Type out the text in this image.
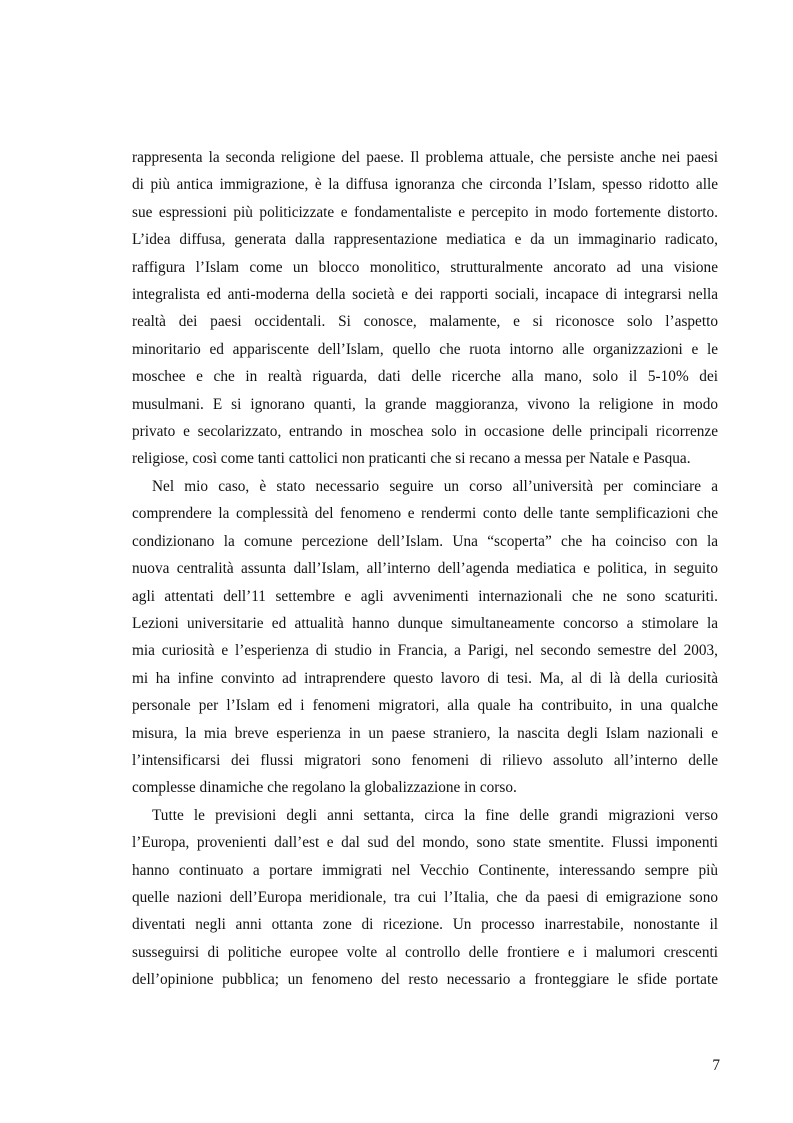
rappresenta la seconda religione del paese. Il problema attuale, che persiste anche nei paesi
di più antica immigrazione, è la diffusa ignoranza che circonda l’Islam, spesso ridotto alle
sue espressioni più politicizzate e fondamentaliste e percepito in modo fortemente distorto.
L’idea diffusa, generata dalla rappresentazione mediatica e da un immaginario radicato,
raffigura l’Islam come un blocco monolitico, strutturalmente ancorato ad una visione
integralista ed anti-moderna della società e dei rapporti sociali, incapace di integrarsi nella
realtà dei paesi occidentali. Si conosce, malamente, e si riconosce solo l’aspetto
minoritario ed appariscente dell’Islam, quello che ruota intorno alle organizzazioni e le
moschee e che in realtà riguarda, dati delle ricerche alla mano, solo il 5-10% dei
musulmani. E si ignorano quanti, la grande maggioranza, vivono la religione in modo
privato e secolarizzato, entrando in moschea solo in occasione delle principali ricorrenze
religiose, così come tanti cattolici non praticanti che si recano a messa per Natale e Pasqua.

Nel mio caso, è stato necessario seguire un corso all’università per cominciare a
comprendere la complessità del fenomeno e rendermi conto delle tante semplificazioni che
condizionano la comune percezione dell’Islam. Una “scoperta” che ha coinciso con la
nuova centralità assunta dall’Islam, all’interno dell’agenda mediatica e politica, in seguito
agli attentati dell’11 settembre e agli avvenimenti internazionali che ne sono scaturiti.
Lezioni universitarie ed attualità hanno dunque simultaneamente concorso a stimolare la
mia curiosità e l’esperienza di studio in Francia, a Parigi, nel secondo semestre del 2003,
mi ha infine convinto ad intraprendere questo lavoro di tesi. Ma, al di là della curiosità
personale per l’Islam ed i fenomeni migratori, alla quale ha contribuito, in una qualche
misura, la mia breve esperienza in un paese straniero, la nascita degli Islam nazionali e
l’intensificarsi dei flussi migratori sono fenomeni di rilievo assoluto all’interno delle
complesse dinamiche che regolano la globalizzazione in corso.

Tutte le previsioni degli anni settanta, circa la fine delle grandi migrazioni verso
l’Europa, provenienti dall’est e dal sud del mondo, sono state smentite. Flussi imponenti
hanno continuato a portare immigrati nel Vecchio Continente, interessando sempre più
quelle nazioni dell’Europa meridionale, tra cui l’Italia, che da paesi di emigrazione sono
diventati negli anni ottanta zone di ricezione. Un processo inarrestabile, nonostante il
susseguirsi di politiche europee volte al controllo delle frontiere e i malumori crescenti
dell’opinione pubblica; un fenomeno del resto necessario a fronteggiare le sfide portate

7
